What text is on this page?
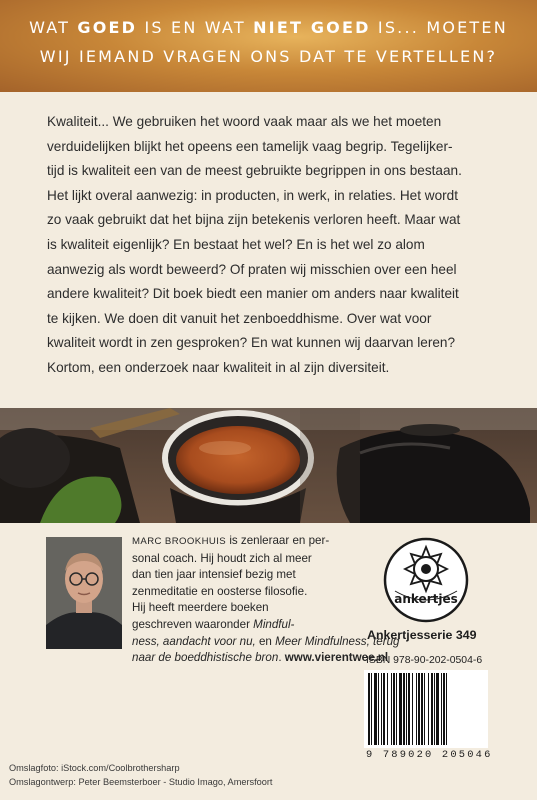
WAT GOED IS EN WAT NIET GOED IS... MOETEN
WIJ IEMAND VRAGEN ONS DAT TE VERTELLEN?
Kwaliteit... We gebruiken het woord vaak maar als we het moeten
verduidelijken blijkt het opeens een tamelijk vaag begrip. Tegelijker-
tijd is kwaliteit een van de meest gebruikte begrippen in ons bestaan.
Het lijkt overal aanwezig: in producten, in werk, in relaties. Het wordt
zo vaak gebruikt dat het bijna zijn betekenis verloren heeft. Maar wat
is kwaliteit eigenlijk? En bestaat het wel? En is het wel zo alom
aanwezig als wordt beweerd? Of praten wij misschien over een heel
andere kwaliteit? Dit boek biedt een manier om anders naar kwaliteit
te kijken. We doen dit vanuit het zenboeddhisme. Over wat voor
kwaliteit wordt in zen gesproken? En wat kunnen wij daarvan leren?
Kortom, een onderzoek naar kwaliteit in al zijn diversiteit.
MARC BROOKHUIS is zenleraar en per-
sonal coach. Hij houdt zich al meer
dan tien jaar intensief bezig met
zenmeditatie en oosterse filosofie.
Hij heeft meerdere boeken
geschreven waaronder Mindful-
ness, aandacht voor nu, en Meer Mindfulness, terug
naar de boeddhistische bron. www.vierentwee.nl
ankertjes
Ankertjesserie 349
ISBN 978-90-202-0504-6
9 789020 205046
Omslagfoto: iStock.com/Coolbrothersharp
Omslagontwerp: Peter Beemsterboer - Studio Imago, Amersfoort
